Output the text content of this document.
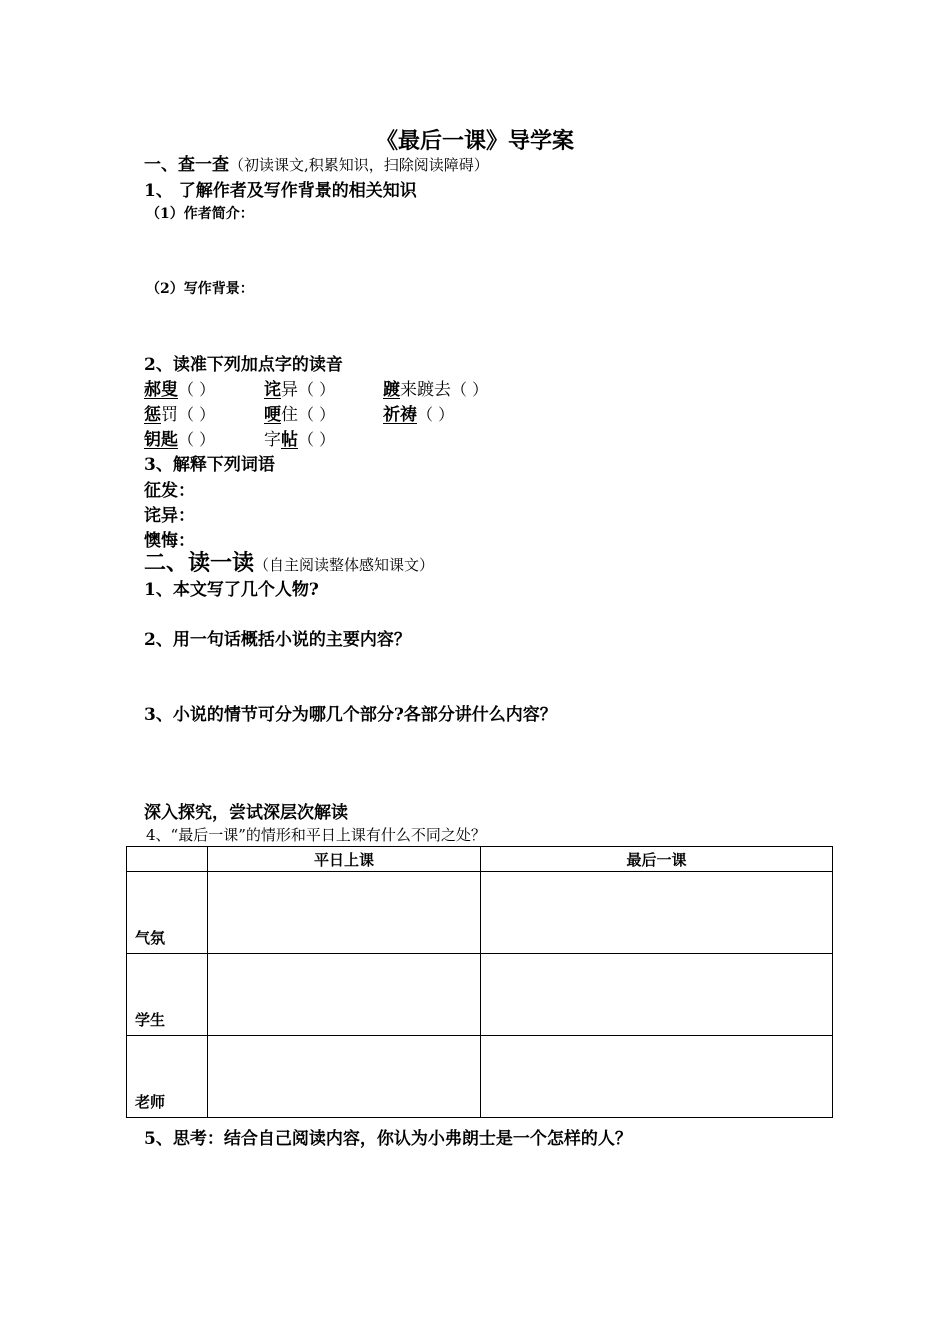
《最后一课》导学案
一、查一查（初读课文,积累知识，扫除阅读障碍）
1、 了解作者及写作背景的相关知识
（1）作者简介：
（2）写作背景：
2、读准下列加点字的读音
郝叟（ ）	诧异（ ）	踱来踱去（ ）
惩罚（ ）	哽住（ ）	祈祷（ ）
钥匙（ ）	字帖（ ）
3、解释下列词语
征发：
诧异：
懊悔：
二、读一读（自主阅读整体感知课文）
1、本文写了几个人物?
2、用一句话概括小说的主要内容？
3、小说的情节可分为哪几个部分?各部分讲什么内容？
深入探究，尝试深层次解读
4、“最后一课”的情形和平日上课有什么不同之处？
	平日上课	最后一课
气氛		
学生		
老师		
5、思考：结合自己阅读内容，你认为小弗朗士是一个怎样的人？
